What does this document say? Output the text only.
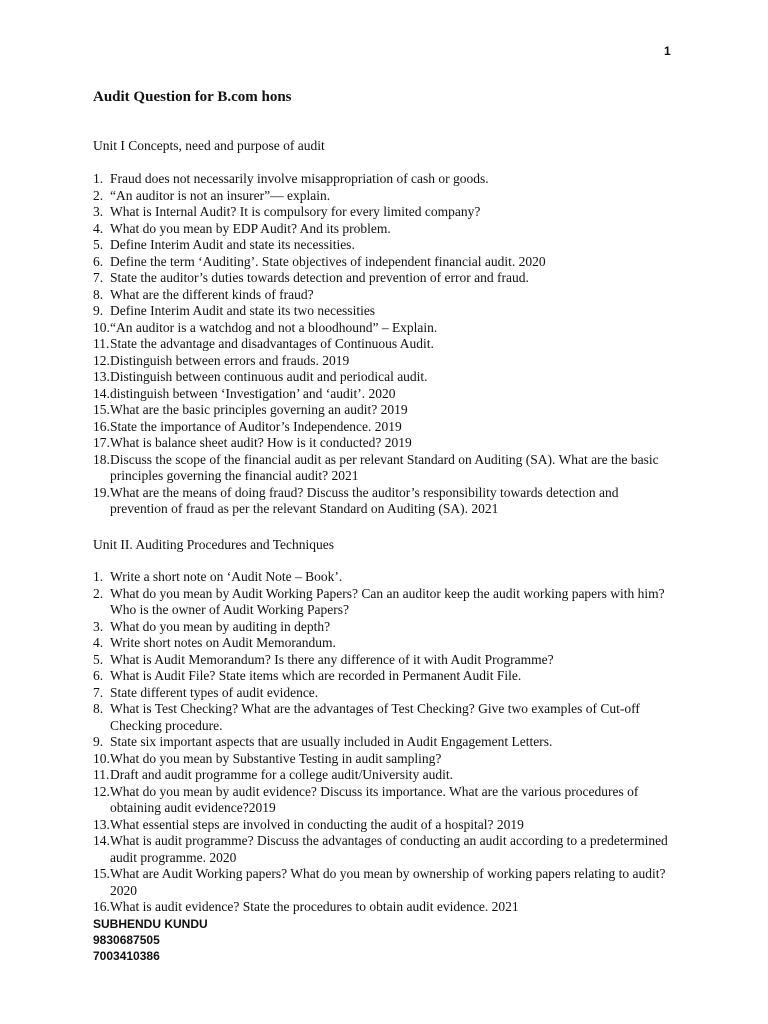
1
Audit Question for B.com hons

Unit I Concepts, need and purpose of audit

1. Fraud does not necessarily involve misappropriation of cash or goods.
2. “An auditor is not an insurer”— explain.
3. What is Internal Audit? It is compulsory for every limited company?
4. What do you mean by EDP Audit? And its problem.
5. Define Interim Audit and state its necessities.
6. Define the term ‘Auditing’. State objectives of independent financial audit. 2020
7. State the auditor’s duties towards detection and prevention of error and fraud.
8. What are the different kinds of fraud?
9. Define Interim Audit and state its two necessities
10. “An auditor is a watchdog and not a bloodhound” – Explain.
11. State the advantage and disadvantages of Continuous Audit.
12. Distinguish between errors and frauds. 2019
13. Distinguish between continuous audit and periodical audit.
14. distinguish between ‘Investigation’ and ‘audit’. 2020
15. What are the basic principles governing an audit? 2019
16. State the importance of Auditor’s Independence. 2019
17. What is balance sheet audit? How is it conducted? 2019
18. Discuss the scope of the financial audit as per relevant Standard on Auditing (SA). What are the basic principles governing the financial audit? 2021
19. What are the means of doing fraud? Discuss the auditor’s responsibility towards detection and prevention of fraud as per the relevant Standard on Auditing (SA). 2021

Unit II. Auditing Procedures and Techniques

1. Write a short note on ‘Audit Note – Book’.
2. What do you mean by Audit Working Papers? Can an auditor keep the audit working papers with him? Who is the owner of Audit Working Papers?
3. What do you mean by auditing in depth?
4. Write short notes on Audit Memorandum.
5. What is Audit Memorandum? Is there any difference of it with Audit Programme?
6. What is Audit File? State items which are recorded in Permanent Audit File.
7. State different types of audit evidence.
8. What is Test Checking? What are the advantages of Test Checking? Give two examples of Cut-off Checking procedure.
9. State six important aspects that are usually included in Audit Engagement Letters.
10. What do you mean by Substantive Testing in audit sampling?
11. Draft and audit programme for a college audit/University audit.
12. What do you mean by audit evidence? Discuss its importance. What are the various procedures of obtaining audit evidence?2019
13. What essential steps are involved in conducting the audit of a hospital? 2019
14. What is audit programme? Discuss the advantages of conducting an audit according to a predetermined audit programme. 2020
15. What are Audit Working papers? What do you mean by ownership of working papers relating to audit? 2020
16. What is audit evidence? State the procedures to obtain audit evidence. 2021
SUBHENDU KUNDU
9830687505
7003410386
